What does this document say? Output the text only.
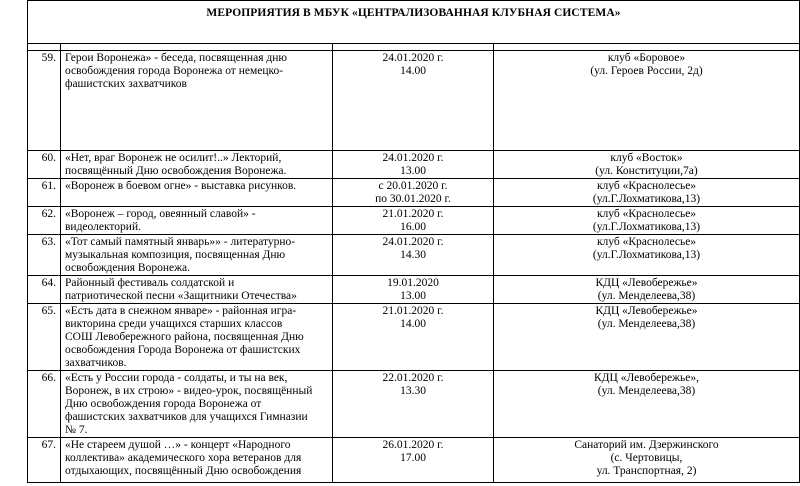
МЕРОПРИЯТИЯ В МБУК «ЦЕНТРАЛИЗОВАННАЯ КЛУБНАЯ СИСТЕМА»			

59.	Герои Воронежа» - беседа, посвященная дню
освобождения города Воронежа от немецко-
фашистских захватчиков	24.01.2020 г.
14.00	клуб «Боровое»
(ул. Героев России, 2д)

60.	«Нет, враг Воронеж не осилит!..» Лекторий,
посвящённый Дню освобождения Воронежа.	24.01.2020 г.
13.00	клуб «Восток»
(ул. Конституции,7а)

61.	«Воронеж в боевом огне» - выставка рисунков.	с 20.01.2020 г.
по 30.01.2020 г.	клуб «Краснолесье»
(ул.Г.Лохматикова,13)

62.	«Воронеж – город, овеянный славой» -
видеолекторий.	21.01.2020 г.
16.00	клуб «Краснолесье»
(ул.Г.Лохматикова,13)

63.	«Тот самый памятный январь»» - литературно-
музыкальная композиция, посвященная Дню
освобождения Воронежа.	24.01.2020 г.
14.30	клуб «Краснолесье»
(ул.Г.Лохматикова,13)

64.	Районный фестиваль солдатской и
патриотической песни «Защитники Отечества»	19.01.2020
13.00	КДЦ «Левобережье»
(ул. Менделеева,38)

65.	«Есть дата в снежном январе» - районная игра-
викторина среди учащихся старших классов
СОШ Левобережного района, посвященная Дню
освобождения Города Воронежа от фашистских
захватчиков.	21.01.2020 г.
14.00	КДЦ «Левобережье»
(ул. Менделеева,38)

66.	«Есть у России города - солдаты, и ты на век,
Воронеж, в их строю» - видео-урок, посвящённый
Дню освобождения города Воронежа от
фашистских захватчиков для учащихся Гимназии
№ 7.	22.01.2020 г.
13.30	КДЦ «Левобережье»,
(ул. Менделеева,38)

67.	«Не стареем душой …» - концерт «Народного
коллектива» академического хора ветеранов для
отдыхающих, посвящённый Дню освобождения	26.01.2020 г.
17.00	Санаторий им. Дзержинского
(с. Чертовицы,
ул. Транспортная, 2)
